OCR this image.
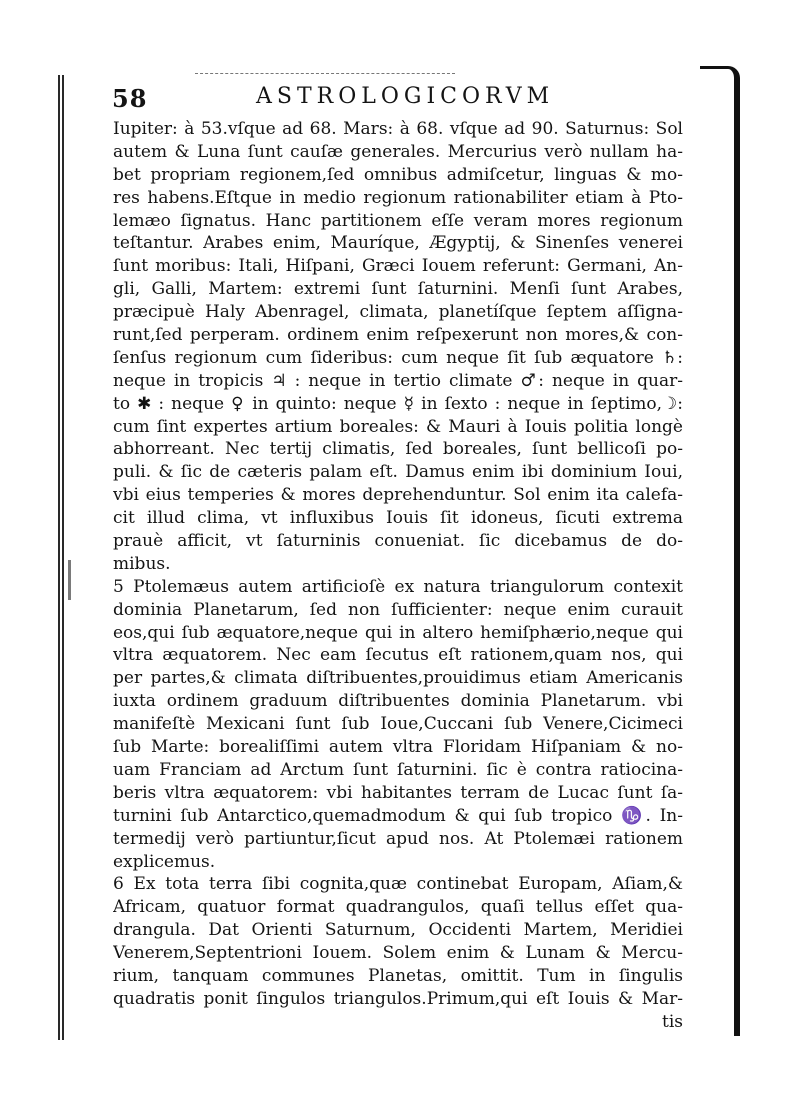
58	ASTROLOGICORVM
Iupiter: à 53.vſque ad 68. Mars: à 68. vſque ad 90. Saturnus: Sol
autem & Luna ſunt cauſæ generales. Mercurius verò nullam ha-
bet propriam regionem,ſed omnibus admiſcetur, linguas & mo-
res habens.Eſtque in medio regionum rationabiliter etiam à Pto-
lemæo ſignatus. Hanc partitionem eſſe veram mores regionum
teſtantur. Arabes enim, Mauríque, Ægyptij, & Sinenſes venerei
ſunt moribus: Itali, Hiſpani, Græci Iouem referunt: Germani, An-
gli, Galli, Martem: extremi ſunt ſaturnini. Menſi ſunt Arabes,
præcipuè Haly Abenragel, climata, planetíſque ſeptem aſſigna-
runt,ſed perperam. ordinem enim reſpexerunt non mores,& con-
ſenſus regionum cum ſideribus: cum neque ſit ſub æquatore ♄:
neque in tropicis ♃ : neque in tertio climate ♂: neque in quar-
to ✱ : neque ♀ in quinto: neque ☿ in ſexto : neque in ſeptimo,☽:
cum ſint expertes artium boreales: & Mauri à Iouis politia longè
abhorreant. Nec tertij climatis, ſed boreales, ſunt bellicoſi po-
puli. & ſic de cæteris palam eſt. Damus enim ibi dominium Ioui,
vbi eius temperies & mores deprehenduntur. Sol enim ita calefa-
cit illud clima, vt influxibus Iouis ſit idoneus, ſicuti extrema
prauè afficit, vt ſaturninis conueniat. ſic dicebamus de do-
mibus.
5 Ptolemæus autem artificioſè ex natura triangulorum contexit
dominia Planetarum, ſed non ſufficienter: neque enim curauit
eos,qui ſub æquatore,neque qui in altero hemiſphærio,neque qui
vltra æquatorem. Nec eam ſecutus eſt rationem,quam nos, qui
per partes,& climata diſtribuentes,prouidimus etiam Americanis
iuxta ordinem graduum diſtribuentes dominia Planetarum. vbi
manifeſtè Mexicani ſunt ſub Ioue,Cuccani ſub Venere,Cicimeci
ſub Marte: borealiſſimi autem vltra Floridam Hiſpaniam & no-
uam Franciam ad Arctum ſunt ſaturnini. ſic è contra ratiocina-
beris vltra æquatorem: vbi habitantes terram de Lucac ſunt ſa-
turnini ſub Antarctico,quemadmodum & qui ſub tropico ♑. In-
termedij verò partiuntur,ſicut apud nos. At Ptolemæi rationem
explicemus.
6 Ex tota terra ſibi cognita,quæ continebat Europam, Aſiam,&
Africam, quatuor format quadrangulos, quaſi tellus eſſet qua-
drangula. Dat Orienti Saturnum, Occidenti Martem, Meridiei
Venerem,Septentrioni Iouem. Solem enim & Lunam & Mercu-
rium, tanquam communes Planetas, omittit. Tum in ſingulis
quadratis ponit ſingulos triangulos.Primum,qui eſt Iouis & Mar-
tis
